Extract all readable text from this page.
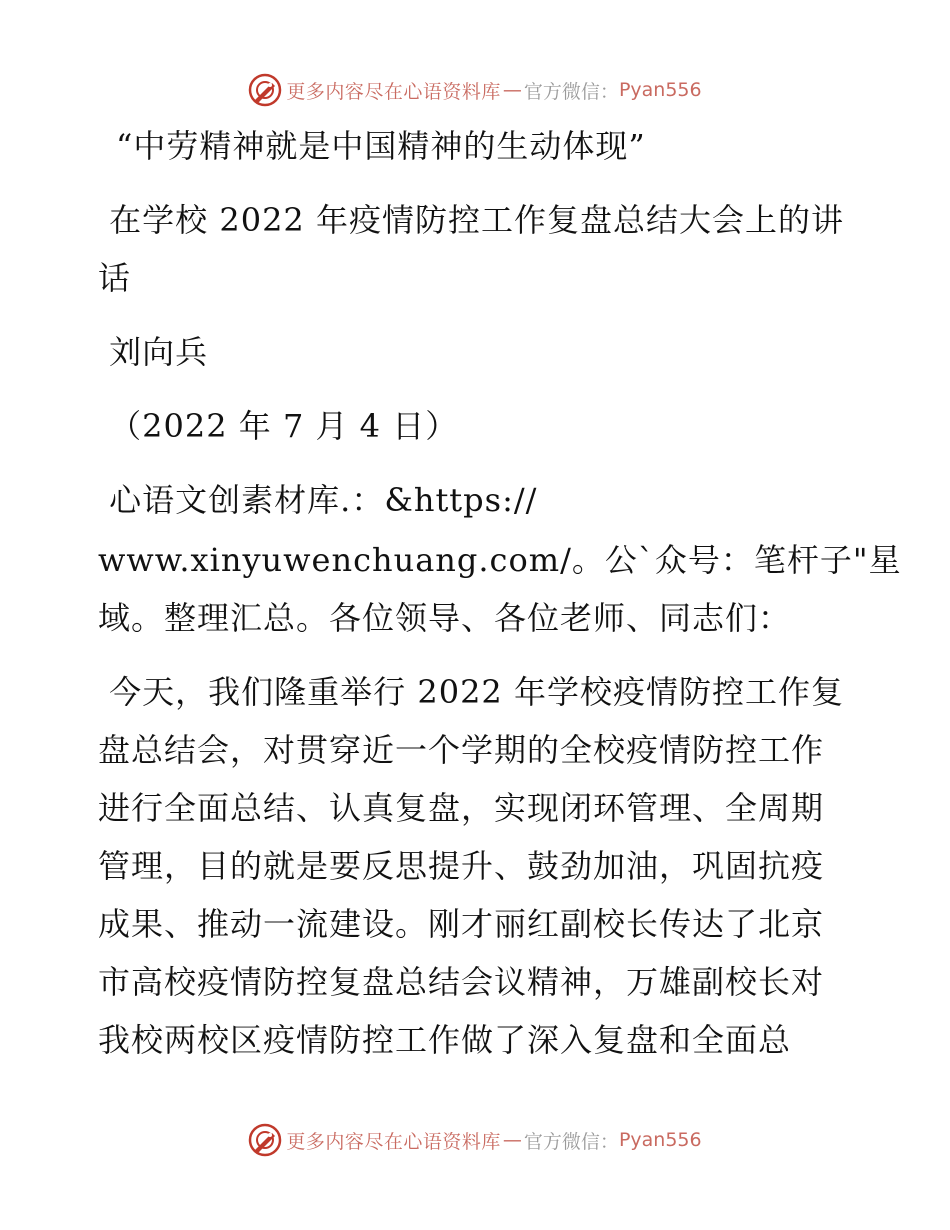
更多内容尽在心语资料库 — 官方微信： Pyan556
“中劳精神就是中国精神的生动体现”
在学校 2022 年疫情防控工作复盘总结大会上的讲
话
刘向兵
（2022 年 7 月 4 日）
心语文创素材库.：&https://
www.xinyuwenchuang.com/。公`众号：笔杆子"星
域。整理汇总。各位领导、各位老师、同志们：
今天，我们隆重举行 2022 年学校疫情防控工作复
盘总结会，对贯穿近一个学期的全校疫情防控工作
进行全面总结、认真复盘，实现闭环管理、全周期
管理，目的就是要反思提升、鼓劲加油，巩固抗疫
成果、推动一流建设。刚才丽红副校长传达了北京
市高校疫情防控复盘总结会议精神，万雄副校长对
我校两校区疫情防控工作做了深入复盘和全面总
更多内容尽在心语资料库 — 官方微信： Pyan556
